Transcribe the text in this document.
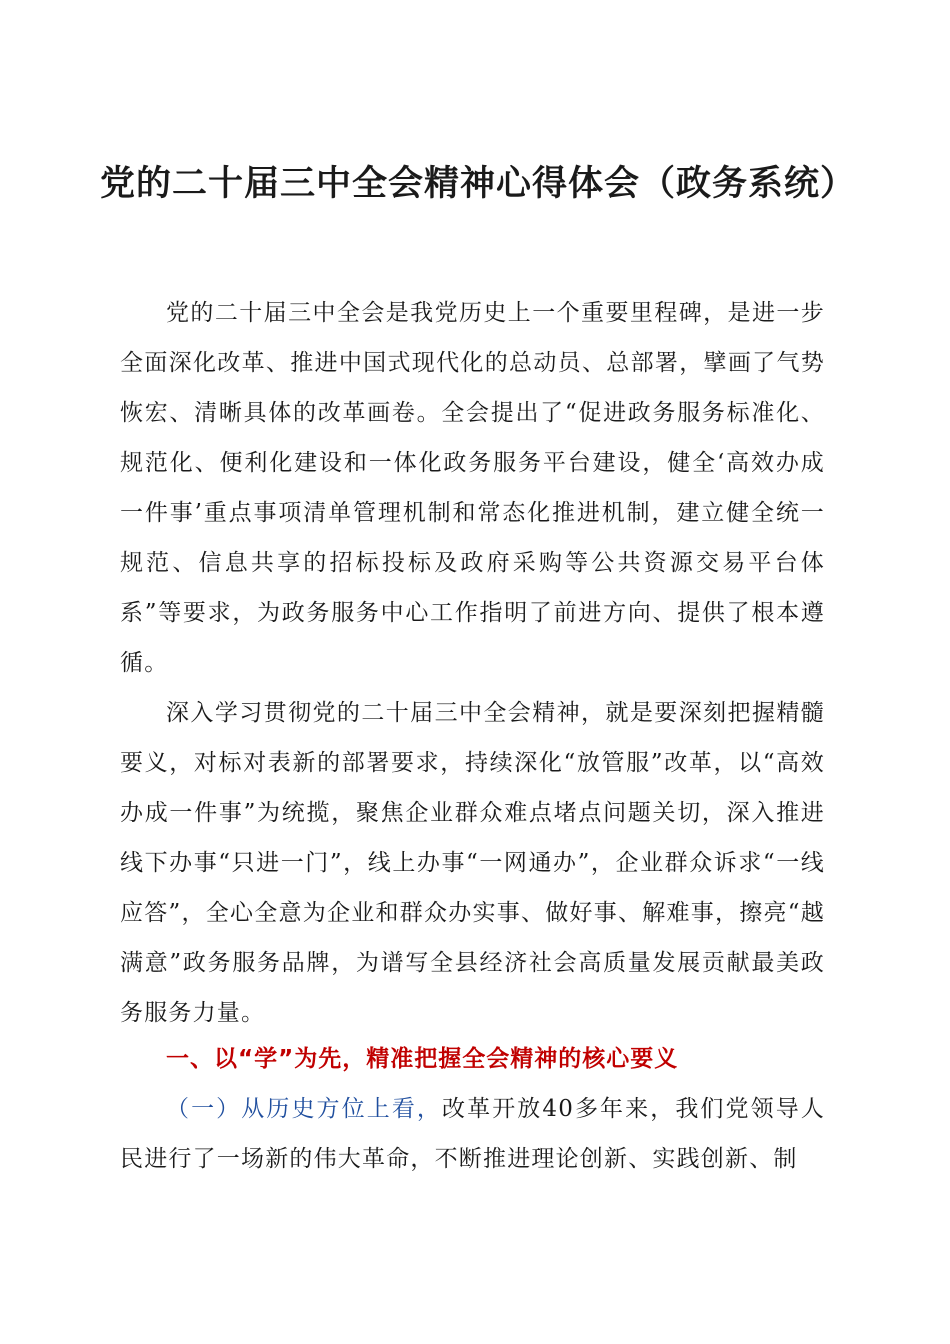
党的二十届三中全会精神心得体会（政务系统）

党的二十届三中全会是我党历史上一个重要里程碑，是进一步全面深化改革、推进中国式现代化的总动员、总部署，擘画了气势恢宏、清晰具体的改革画卷。全会提出了“促进政务服务标准化、规范化、便利化建设和一体化政务服务平台建设，健全‘高效办成一件事’重点事项清单管理机制和常态化推进机制，建立健全统一规范、信息共享的招标投标及政府采购等公共资源交易平台体系”等要求，为政务服务中心工作指明了前进方向、提供了根本遵循。

深入学习贯彻党的二十届三中全会精神，就是要深刻把握精髓要义，对标对表新的部署要求，持续深化“放管服”改革，以“高效办成一件事”为统揽，聚焦企业群众难点堵点问题关切，深入推进线下办事“只进一门”，线上办事“一网通办”，企业群众诉求“一线应答”，全心全意为企业和群众办实事、做好事、解难事，擦亮“越满意”政务服务品牌，为谱写全县经济社会高质量发展贡献最美政务服务力量。

一、以“学”为先，精准把握全会精神的核心要义

（一）从历史方位上看，改革开放40多年来，我们党领导人民进行了一场新的伟大革命，不断推进理论创新、实践创新、制
